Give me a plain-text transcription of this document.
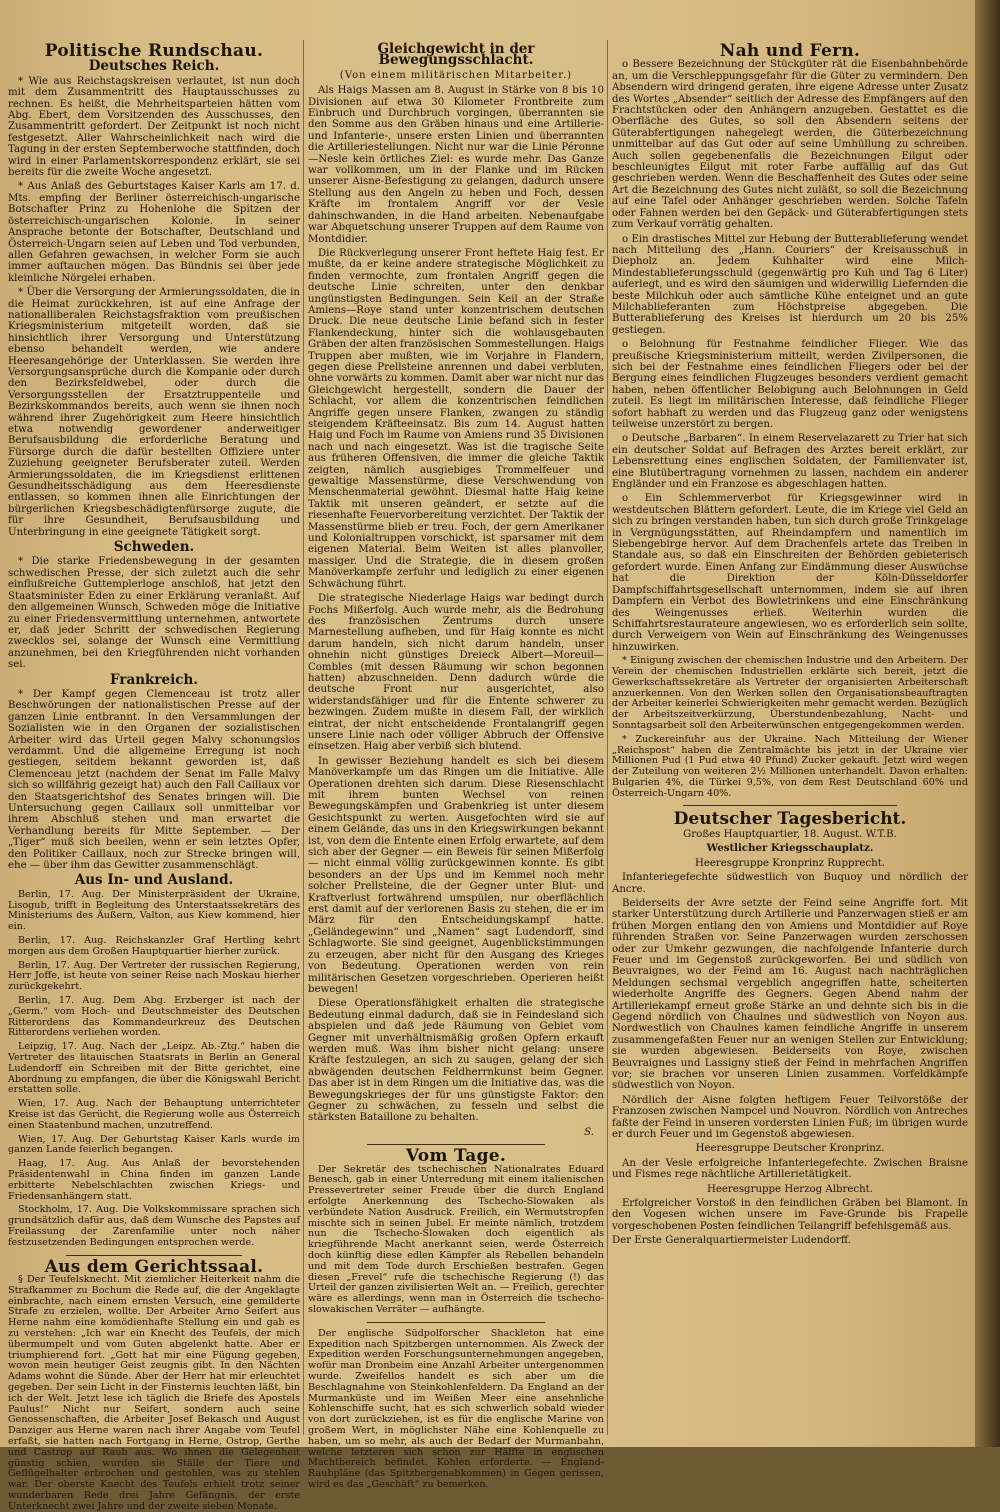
Politische Rundschau.
Deutsches Reich.

* Wie aus Reichstagskreisen verlautet, ist nun doch mit dem Zusammentritt des Hauptausschusses zu rechnen. Es heißt, die Mehrheitsparteien hätten vom Abg. Ebert, dem Vorsitzenden des Ausschusses, den Zusammentritt gefordert. Der Zeitpunkt ist noch nicht festgesetzt. Aller Wahrscheinlichkeit nach wird die Tagung in der ersten Septemberwoche stattfinden, doch wird in einer Parlamentskorrespondenz erklärt, sie sei bereits für die zweite Woche angesetzt.

* Aus Anlaß des Geburtstages Kaiser Karls am 17. d. Mts. empfing der Berliner österreichisch-ungarische Botschafter Prinz zu Hohenlohe die Spitzen der österreichisch-ungarischen Kolonie. In seiner Ansprache betonte der Botschafter, Deutschland und Österreich-Ungarn seien auf Leben und Tod verbunden, allen Gefahren gewachsen, in welcher Form sie auch immer auftauchen mögen. Das Bündnis sei über jede kleinliche Nörgelei erhaben.

* Über die Versorgung der Armierungssoldaten, die in die Heimat zurückkehren, ist auf eine Anfrage der nationalliberalen Reichstagsfraktion vom preußischen Kriegsministerium mitgeteilt worden, daß sie hinsichtlich ihrer Versorgung und Unterstützung ebenso behandelt werden, wie andere Heeresangehörige der Unterklassen. Sie werden ihre Versorgungsansprüche durch die Kompanie oder durch den Bezirksfeldwebel, oder durch die Versorgungsstellen der Ersatztruppenteile und Bezirkskommandos bereits, auch wenn sie ihnen noch während ihrer Zugehörigkeit zum Heere hinsichtlich etwa notwendig gewordener anderweitiger Berufsausbildung die erforderliche Beratung und Fürsorge durch die dafür bestellten Offiziere unter Zuziehung geeigneter Berufsberater zuteil. Werden Armierungssoldaten, die im Kriegsdienst erlittenen Gesundheitsschädigung aus dem Heeresdienste entlassen, so kommen ihnen alle Einrichtungen der bürgerlichen Kriegsbeschädigtenfürsorge zugute, die für ihre Gesundheit, Berufsausbildung und Unterbringung in eine geeignete Tätigkeit sorgt.

Schweden.

* Die starke Friedensbewegung in der gesamten schwedischen Presse, der sich zuletzt auch die sehr einflußreiche Guttemplerloge anschloß, hat jetzt den Staatsminister Eden zu einer Erklärung veranlaßt. Auf den allgemeinen Wunsch, Schweden möge die Initiative zu einer Friedensvermittlung unternehmen, antwortete er, daß jeder Schritt der schwedischen Regierung zwecklos sei, solange der Wunsch eine Vermittlung anzunehmen, bei den Kriegführenden nicht vorhanden sei.

Frankreich.

* Der Kampf gegen Clemenceau ist trotz aller Beschwörungen der nationalistischen Presse auf der ganzen Linie entbrannt. In den Versammlungen der Sozialisten wie in den Organen der sozialistischen Arbeiter wird das Urteil gegen Malvy schonungslos verdammt. Und die allgemeine Erregung ist noch gestiegen, seitdem bekannt geworden ist, daß Clemenceau jetzt (nachdem der Senat im Falle Malvy sich so willfährig gezeigt hat) auch den Fall Caillaux vor den Staatsgerichtshof des Senates bringen will. Die Untersuchung gegen Caillaux soll unmittelbar vor ihrem Abschluß stehen und man erwartet die Verhandlung bereits für Mitte September. — Der „Tiger“ muß sich beeilen, wenn er sein letztes Opfer, den Politiker Caillaux, noch zur Strecke bringen will, ehe — über ihm das Gewitter zusammenschlägt.

Aus In- und Ausland.

Berlin, 17. Aug. Der Ministerpräsident der Ukraine, Lisogub, trifft in Begleitung des Unterstaatssekretärs des Ministeriums des Äußern, Valton, aus Kiew kommend, hier ein.

Berlin, 17. Aug. Reichskanzler Graf Hertling kehrt morgen aus dem Großen Hauptquartier hierher zurück.

Berlin, 17. Aug. Der Vertreter der russischen Regierung, Herr Joffe, ist heute von seiner Reise nach Moskau hierher zurückgekehrt.

Berlin, 17. Aug. Dem Abg. Erzberger ist nach der „Germ.“ vom Hoch- und Deutschmeister des Deutschen Ritterordens das Kommandeurkreuz des Deutschen Ritterordens verliehen worden.

Leipzig, 17. Aug. Nach der „Leipz. Ab.-Ztg.“ haben die Vertreter des litauischen Staatsrats in Berlin an General Ludendorff ein Schreiben mit der Bitte gerichtet, eine Abordnung zu empfangen, die über die Königswahl Bericht erstatten solle.

Wien, 17. Aug. Nach der Behauptung unterrichteter Kreise ist das Gerücht, die Regierung wolle aus Österreich einen Staatenbund machen, unzutreffend.

Wien, 17. Aug. Der Geburtstag Kaiser Karls wurde im ganzen Lande feierlich begangen.

Haag, 17. Aug. Aus Anlaß der bevorstehenden Präsidentenwahl in China finden im ganzen Lande erbitterte Nebelschlachten zwischen Kriegs- und Friedensanhängern statt.

Stockholm, 17. Aug. Die Volkskommissare sprachen sich grundsätzlich dafür aus, daß dem Wunsche des Papstes auf Freilassung der Zarenfamilie unter noch näher festzusetzenden Bedingungen entsprochen werde.

Aus dem Gerichtssaal.

§ Der Teufelsknecht. Mit ziemlicher Heiterkeit nahm die Strafkammer zu Bochum die Rede auf, die der Angeklagte einbrachte, nach einem ernsten Versuch, eine gemilderte Strafe zu erzielen, wollte. Der Arbeiter Arno Seifert aus Herne nahm eine komödienhafte Stellung ein und gab es zu verstehen: „Ich war ein Knecht des Teufels, der mich übermumpelt und vom Guten abgelenkt hatte. Aber er triumphierend fort. „Gott hat mir eine Fügung gegeben, wovon mein heutiger Geist zeugnis gibt. In den Nächten Adams wohnt die Sünde. Aber der Herr hat mir erleuchtet gegeben. Der sein Licht in der Finsternis leuchten läßt, bin ich der Welt. Jetzt lese ich täglich die Briefe des Apostels Paulus!“ Nicht nur Seifert, sondern auch seine Genossenschaften, die Arbeiter Josef Bekasch und August Danziger aus Herne waren nach ihrer Angabe vom Teufel erfaßt, sie hatten nach Fortgang in Herne, Ostrop, Gerthe und Castrop auf Raub aus. Wo ihnen die Gelegenheit günstig schien, wurden sie Ställe der Tiere und Geflügelhalter erbrochen und gestohlen, was zu stehlen war. Der oberste Knecht des Teufels erhielt trotz seiner wunderbaren Rede drei Jahre Gefängnis, der erste Unterknecht zwei Jahre und der zweite sieben Monate.

Gleichgewicht in der Bewegungsschlacht.
(Von einem militärischen Mitarbeiter.)

Als Haigs Massen am 8. August in Stärke von 8 bis 10 Divisionen auf etwa 30 Kilometer Frontbreite zum Einbruch und Durchbruch vorgingen, überrannten sie den Somme aus den Gräben hinaus und eine Artillerie- und Infanterie-, unsere ersten Linien und überrannten die Artilleriestellungen. Nicht nur war die Linie Péronne—Nesle kein örtliches Ziel: es wurde mehr. Das Ganze war vollkommen, um in der Flanke und im Rücken unserer Aisne-Befestigung zu gelangen, dadurch unsere Stellung aus den Angeln zu heben und Foch, dessen Kräfte im frontalem Angriff vor der Vesle dahinschwanden, in die Hand arbeiten. Nebenaufgabe war Abquetschung unserer Truppen auf dem Raume von Montdidier.

Die Rückverlegung unserer Front heftete Haig fest. Er mußte, da er keine andere strategische Möglichkeit zu finden vermochte, zum frontalen Angriff gegen die deutsche Linie schreiten, unter den denkbar ungünstigsten Bedingungen. Sein Keil an der Straße Amiens—Roye stand unter konzentrischem deutschen Druck. Die neue deutsche Linie befand sich in fester Flankendeckung, hinter sich die wohlausgebauten Gräben der alten französischen Sommestellungen. Haigs Truppen aber mußten, wie im Vorjahre in Flandern, gegen diese Prellsteine anrennen und dabei verbluten, ohne vorwärts zu kommen. Damit aber war nicht nur das Gleichgewicht hergestellt, sondern die Dauer der Schlacht, vor allem die konzentrischen feindlichen Angriffe gegen unsere Flanken, zwangen zu ständig steigendem Kräfteeinsatz. Bis zum 14. August hatten Haig und Foch im Raume von Amiens rund 35 Divisionen nach und nach eingesetzt. Was ist die tragische Seite aus früheren Offensiven, die immer die gleiche Taktik zeigten, nämlich ausgiebiges Trommelfeuer und gewaltige Massenstürme, diese Verschwendung von Menschenmaterial gewöhnt. Diesmal hatte Haig keine Taktik mit unseren geändert, er setzte auf die riesenhafte Feuervorbereitung verzichtet. Der Taktik der Massenstürme blieb er treu. Foch, der gern Amerikaner und Kolonialtruppen vorschickt, ist sparsamer mit dem eigenen Material. Beim Weiten ist alles planvoller, massiger. Und die Strategie, die in diesem großen Manöverkampfe zerfuhr und lediglich zu einer eigenen Schwächung führt.

Die strategische Niederlage Haigs war bedingt durch Fochs Mißerfolg. Auch wurde mehr, als die Bedrohung des französischen Zentrums durch unsere Marnestellung aufheben, und für Haig konnte es nicht darum handeln, sich nicht darum handeln, unser ohnehin nicht günstiges Dreieck Albert—Moreuil—Combles (mit dessen Räumung wir schon begonnen hatten) abzuschneiden. Denn dadurch würde die deutsche Front nur ausgerichtet, also widerstandsfähiger und für die Entente schwerer zu bezwingen. Zudem mußte in diesem Fall, der wirklich eintrat, der nicht entscheidende Frontalangriff gegen unsere Linie nach oder völliger Abbruch der Offensive einsetzen. Haig aber verbiß sich blutend.

In gewisser Beziehung handelt es sich bei diesem Manöverkampfe um das Ringen um die Initiative. Alle Operationen drehten sich darum. Diese Riesenschlacht mit ihrem bunten Wechsel von reinen Bewegungskämpfen und Grabenkrieg ist unter diesem Gesichtspunkt zu werten. Ausgefochten wird sie auf einem Gelände, das uns in den Kriegswirkungen bekannt ist, von dem die Entente einen Erfolg erwartete, auf dem sich aber der Gegner — ein Beweis für seinen Mißerfolg — nicht einmal völlig zurückgewinnen konnte. Es gibt besonders an der Ups und im Kemmel noch mehr solcher Prellsteine, die der Gegner unter Blut- und Kraftverlust fortwährend umspülen, nur oberflächlich erst damit auf der verlorenen Basis zu stehen, die er im März für den Entscheidungskampf hatte. „Geländegewinn“ und „Namen“ sagt Ludendorff, sind Schlagworte. Sie sind geeignet, Augenblickstimmungen zu erzeugen, aber nicht für den Ausgang des Krieges von Bedeutung. Operationen werden von rein militärischen Gesetzen vorgeschrieben. Operieren heißt bewegen!

Diese Operationsfähigkeit erhalten die strategische Bedeutung einmal dadurch, daß sie in Feindesland sich abspielen und daß jede Räumung von Gebiet vom Gegner mit unverhältnismäßig großen Opfern erkauft werden muß. Was ihm bisher nicht gelang: unsere Kräfte festzulegen, an sich zu saugen, gelang der sich abwägenden deutschen Feldherrnkunst beim Gegner. Das aber ist in dem Ringen um die Initiative das, was die Bewegungskrieges der für uns günstigste Faktor: den Gegner zu schwächen, zu fesseln und selbst die stärksten Bataillone zu behalten.

S.
Vom Tage.

Der Sekretär des tschechischen Nationalrates Eduard Benesch, gab in einer Unterredung mit einem italienischen Pressevertreter seiner Freude über die durch England erfolgte Anerkennung des Tschecho-Slowaken als verbündete Nation Ausdruck. Freilich, ein Wermutstropfen mischte sich in seinen Jubel. Er meinte nämlich, trotzdem nun die Tschecho-Slowaken doch eigentlich als kriegführende Macht anerkannt seien, werde Österreich doch künftig diese edlen Kämpfer als Rebellen behandeln und mit dem Tode durch Erschießen bestrafen. Gegen diesen „Frevel“ rufe die tschechische Regierung (!) das Urteil der ganzen zivilisierten Welt an. — Freilich, gerechter wäre es allerdings, wenn man in Österreich die tschecho-slowakischen Verräter — aufhängte.

Der englische Südpolforscher Shackleton hat eine Expedition nach Spitzbergen unternommen. Als Zweck der Expedition werden Forschungsunternehmungen angegeben, wofür man Dronbeim eine Anzahl Arbeiter untergenommen wurde. Zweifellos handelt es sich aber um die Beschlagnahme von Steinkohlenfeldern. Da England an der Murmanküste und im Weißen Meer eine ansehnliche Kohlenschiffe sucht, hat es sich schwerlich sobald wieder von dort zurückziehen, ist es für die englische Marine von großem Wert, in möglichster Nähe eine Kohlenquelle zu haben, um so mehr, als auch der Bedarf der Murmanbahn, welche letzteren sich schon zur Hälfte in englischen Machtbereich befindet. Kohlen erforderte. — England-Raubpläne (das Spitzbergenabkommen) in Gegen gerissen, wird es das „Geschäft“ zu bemerken.

Nah und Fern.

o Bessere Bezeichnung der Stückgüter rät die Eisenbahnbehörde an, um die Verschleppungsgefahr für die Güter zu vermindern. Den Absendern wird dringend geraten, ihre eigene Adresse unter Zusatz des Wortes „Absender“ seitlich der Adresse des Empfängers auf den Frachtstücken oder den Anhängern anzugeben. Gestattet es die Oberfläche des Gutes, so soll den Absendern seitens der Güterabfertigungen nahegelegt werden, die Güterbezeichnung unmittelbar auf das Gut oder auf seine Umhüllung zu schreiben. Auch sollen gegebenenfalls die Bezeichnungen Eilgut oder beschleunigtes Eilgut mit roter Farbe auffällig auf das Gut geschrieben werden. Wenn die Beschaffenheit des Gutes oder seine Art die Bezeichnung des Gutes nicht zuläßt, so soll die Bezeichnung auf eine Tafel oder Anhänger geschrieben werden. Solche Tafeln oder Fahnen werden bei den Gepäck- und Güterabfertigungen stets zum Verkauf vorrätig gehalten.

o Ein drastisches Mittel zur Hebung der Butterablieferung wendet nach Mitteilung des „Hann. Couriers“ der Kreisausschuß in Diepholz an. Jedem Kuhhalter wird eine Milch-Mindestablieferungsschuld (gegenwärtig pro Kuh und Tag 6 Liter) auferlegt, und es wird den säumigen und widerwillig Liefernden die beste Milchkuh oder auch sämtliche Kühe enteignet und an gute Milchablieferanten zum Höchstpreise abgegeben. Die Butterablieferung des Kreises ist hierdurch um 20 bis 25% gestiegen.

o Belohnung für Festnahme feindlicher Flieger. Wie das preußische Kriegsministerium mitteilt, werden Zivilpersonen, die sich bei der Festnahme eines feindlichen Fliegers oder bei der Bergung eines feindlichen Flugzeuges besonders verdient gemacht haben, neben öffentlicher Belobigung auch Belohnungen in Geld zuteil. Es liegt im militärischen Interesse, daß feindliche Flieger sofort habhaft zu werden und das Flugzeug ganz oder wenigstens teilweise unzerstört zu bergen.

o Deutsche „Barbaren“. In einem Reservelazarett zu Trier hat sich ein deutscher Soldat auf Befragen des Arztes bereit erklärt, zur Lebensrettung eines englischen Soldaten, der Familienvater ist, eine Blutübertragung vornehmen zu lassen, nachdem ein anderer Engländer und ein Franzose es abgeschlagen hatten.

o Ein Schlemmerverbot für Kriegsgewinner wird in westdeutschen Blättern gefordert. Leute, die im Kriege viel Geld an sich zu bringen verstanden haben, tun sich durch große Trinkgelage in Vergnügungsstätten, auf Rheindampfern und namentlich im Siebengebirge hervor. Auf dem Drachenfels artete das Treiben in Standale aus, so daß ein Einschreiten der Behörden gebieterisch gefordert wurde. Einen Anfang zur Eindämmung dieser Auswüchse hat die Direktion der Köln-Düsseldorfer Dampfschiffahrtsgesellschaft unternommen, indem sie auf ihren Dampfern ein Verbot des Bowletrinkens und eine Einschränkung des Weingenusses erließ. Weiterhin wurden die Schiffahrtsrestaurateure angewiesen, wo es erforderlich sein sollte, durch Verweigern von Wein auf Einschränkung des Weingenusses hinzuwirken.

* Einigung zwischen der chemischen Industrie und den Arbeitern. Der Verein der chemischen Industriellen erklärte sich bereit, jetzt die Gewerkschaftssekretäre als Vertreter der organisierten Arbeiterschaft anzuerkennen. Von den Werken sollen den Organisationsbeauftragten der Arbeiter keinerlei Schwierigkeiten mehr gemacht werden. Bezüglich der Arbeitszeitverkürzung, Überstundenbezahlung, Nacht- und Sonntagsarbeit soll den Arbeiterwünschen entgegengekommen werden.

* Zuckereinfuhr aus der Ukraine. Nach Mitteilung der Wiener „Reichspost“ haben die Zentralmächte bis jetzt in der Ukraine vier Millionen Pud (1 Pud etwa 40 Pfund) Zucker gekauft. Jetzt wird wegen der Zuteilung von weiteren 2½ Millionen unterhandelt. Davon erhalten: Bulgarien 4%, die Türkei 9,5%, von dem Rest Deutschland 60% und Österreich-Ungarn 40%.

Deutscher Tagesbericht.

Großes Hauptquartier, 18. August. W.T.B.

Westlicher Kriegsschauplatz.

Heeresgruppe Kronprinz Rupprecht.

Infanteriegefechte südwestlich von Buquoy und nördlich der Ancre.

Beiderseits der Avre setzte der Feind seine Angriffe fort. Mit starker Unterstützung durch Artillerie und Panzerwagen stieß er am frühen Morgen entlang den von Amiens und Montdidier auf Roye führenden Straßen vor. Seine Panzerwagen wurden zerschossen oder zur Umkehr gezwungen, die nachfolgende Infanterie durch Feuer und im Gegenstoß zurückgeworfen. Bei und südlich von Beuvraignes, wo der Feind am 16. August nach nachträglichen Meldungen sechsmal vergeblich angegriffen hatte, scheiterten wiederholte Angriffe des Gegners. Gegen Abend nahm der Artilleriekampf erneut große Stärke an und dehnte sich bis in die Gegend nördlich von Chaulnes und südwestlich von Noyon aus. Nordwestlich von Chaulnes kamen feindliche Angriffe in unserem zusammengefaßten Feuer nur an wenigen Stellen zur Entwicklung; sie wurden abgewiesen. Beiderseits von Roye, zwischen Beuvraignes und Lassigny stieß der Feind in mehrfachen Angriffen vor; sie brachen vor unseren Linien zusammen. Vorfeldkämpfe südwestlich von Noyon.

Nördlich der Aisne folgten heftigem Feuer Teilvorstöße der Franzosen zwischen Nampcel und Nouvron. Nördlich von Antreches faßte der Feind in unseren vordersten Linien Fuß; im übrigen wurde er durch Feuer und im Gegenstoß abgewiesen.

Heeresgruppe Deutscher Kronprinz.

An der Vesle erfolgreiche Infanteriegefechte. Zwischen Braisne und Fismes rege nächtliche Artillerietätigkeit.

Heeresgruppe Herzog Albrecht.

Erfolgreicher Vorstoß in den feindlichen Gräben bei Blamont. In den Vogesen wichen unsere im Fave-Grunde bis Frapelle vorgeschobenen Posten feindlichen Teilangriff befehlsgemäß aus.

Der Erste Generalquartiermeister Ludendorff.
